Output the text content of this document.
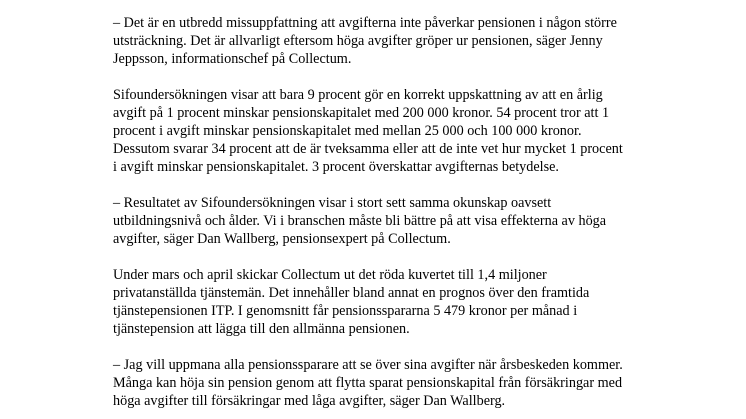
– Det är en utbredd missuppfattning att avgifterna inte påverkar pensionen i någon större
utsträckning. Det är allvarligt eftersom höga avgifter gröper ur pensionen, säger Jenny
Jeppsson, informationschef på Collectum.

Sifoundersökningen visar att bara 9 procent gör en korrekt uppskattning av att en årlig
avgift på 1 procent minskar pensionskapitalet med 200 000 kronor. 54 procent tror att 1
procent i avgift minskar pensionskapitalet med mellan 25 000 och 100 000 kronor.
Dessutom svarar 34 procent att de är tveksamma eller att de inte vet hur mycket 1 procent
i avgift minskar pensionskapitalet. 3 procent överskattar avgifternas betydelse.

– Resultatet av Sifoundersökningen visar i stort sett samma okunskap oavsett
utbildningsnivå och ålder. Vi i branschen måste bli bättre på att visa effekterna av höga
avgifter, säger Dan Wallberg, pensionsexpert på Collectum.

Under mars och april skickar Collectum ut det röda kuvertet till 1,4 miljoner
privatanställda tjänstemän. Det innehåller bland annat en prognos över den framtida
tjänstepensionen ITP. I genomsnitt får pensionsspararna 5 479 kronor per månad i
tjänstepension att lägga till den allmänna pensionen.

– Jag vill uppmana alla pensionssparare att se över sina avgifter när årsbeskeden kommer.
Många kan höja sin pension genom att flytta sparat pensionskapital från försäkringar med
höga avgifter till försäkringar med låga avgifter, säger Dan Wallberg.
